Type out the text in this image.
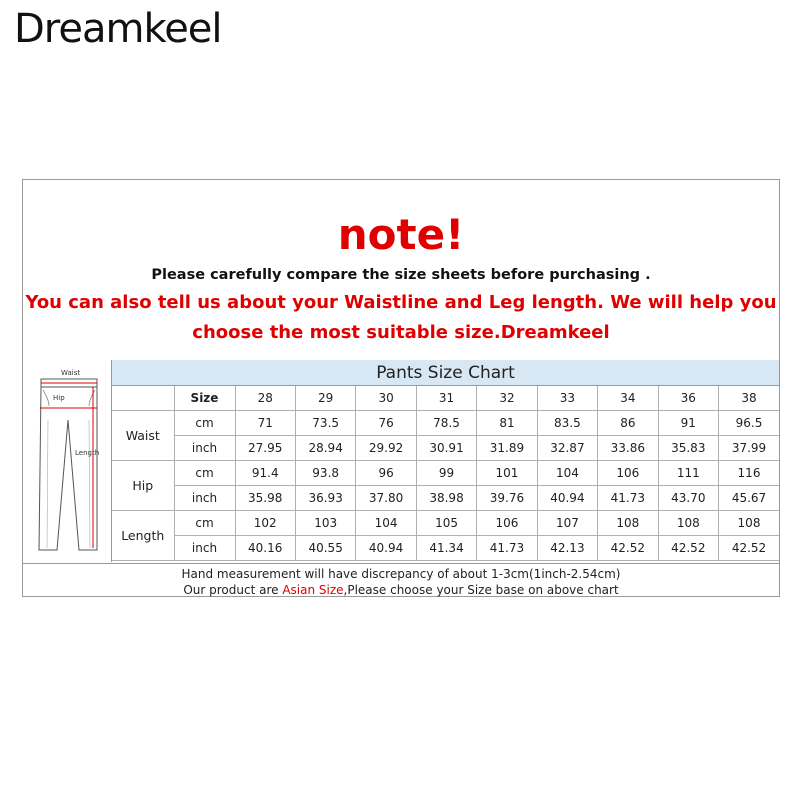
Dreamkeel
note!
Please carefully compare the size sheets before purchasing .
You can also tell us about your Waistline and Leg length. We will help you
choose the most suitable size.Dreamkeel
Waist
Hip
Length
Pants Size Chart
	Size	28	29	30	31	32	33	34	36	38
Waist	cm	71	73.5	76	78.5	81	83.5	86	91	96.5
	inch	27.95	28.94	29.92	30.91	31.89	32.87	33.86	35.83	37.99
Hip	cm	91.4	93.8	96	99	101	104	106	111	116
	inch	35.98	36.93	37.80	38.98	39.76	40.94	41.73	43.70	45.67
Length	cm	102	103	104	105	106	107	108	108	108
	inch	40.16	40.55	40.94	41.34	41.73	42.13	42.52	42.52	42.52
Hand measurement will have discrepancy of about 1-3cm(1inch-2.54cm)
Our product are Asian Size,Please choose your Size base on above chart
